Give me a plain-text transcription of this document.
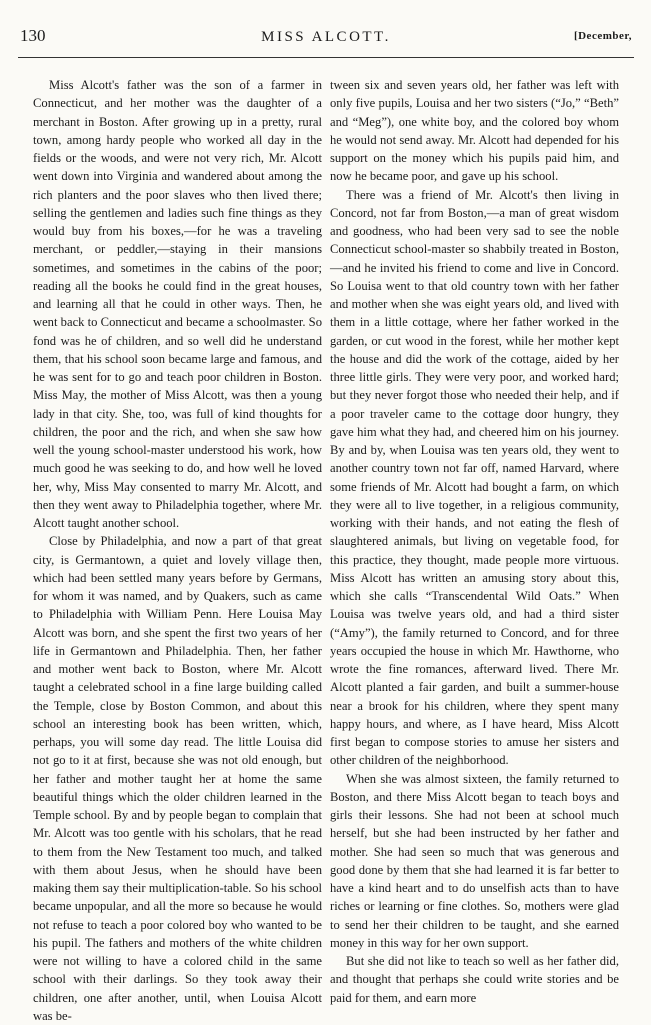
130	MISS ALCOTT.	[December,

Miss Alcott's father was the son of a farmer in Connecticut, and her mother was the daughter of a merchant in Boston. After growing up in a pretty, rural town, among hardy people who worked all day in the fields or the woods, and were not very rich, Mr. Alcott went down into Virginia and wandered about among the rich planters and the poor slaves who then lived there; selling the gentlemen and ladies such fine things as they would buy from his boxes,—for he was a traveling merchant, or peddler,—staying in their mansions sometimes, and sometimes in the cabins of the poor; reading all the books he could find in the great houses, and learning all that he could in other ways. Then, he went back to Connecticut and became a schoolmaster. So fond was he of children, and so well did he understand them, that his school soon became large and famous, and he was sent for to go and teach poor children in Boston. Miss May, the mother of Miss Alcott, was then a young lady in that city. She, too, was full of kind thoughts for children, the poor and the rich, and when she saw how well the young school-master understood his work, how much good he was seeking to do, and how well he loved her, why, Miss May consented to marry Mr. Alcott, and then they went away to Philadelphia together, where Mr. Alcott taught another school.

Close by Philadelphia, and now a part of that great city, is Germantown, a quiet and lovely village then, which had been settled many years before by Germans, for whom it was named, and by Quakers, such as came to Philadelphia with William Penn. Here Louisa May Alcott was born, and she spent the first two years of her life in Germantown and Philadelphia. Then, her father and mother went back to Boston, where Mr. Alcott taught a celebrated school in a fine large building called the Temple, close by Boston Common, and about this school an interesting book has been written, which, perhaps, you will some day read. The little Louisa did not go to it at first, because she was not old enough, but her father and mother taught her at home the same beautiful things which the older children learned in the Temple school. By and by people began to complain that Mr. Alcott was too gentle with his scholars, that he read to them from the New Testament too much, and talked with them about Jesus, when he should have been making them say their multiplication-table. So his school became unpopular, and all the more so because he would not refuse to teach a poor colored boy who wanted to be his pupil. The fathers and mothers of the white children were not willing to have a colored child in the same school with their darlings. So they took away their children, one after another, until, when Louisa Alcott was be-

tween six and seven years old, her father was left with only five pupils, Louisa and her two sisters (“Jo,” “Beth” and “Meg”), one white boy, and the colored boy whom he would not send away. Mr. Alcott had depended for his support on the money which his pupils paid him, and now he became poor, and gave up his school.

There was a friend of Mr. Alcott's then living in Concord, not far from Boston,—a man of great wisdom and goodness, who had been very sad to see the noble Connecticut school-master so shabbily treated in Boston,—and he invited his friend to come and live in Concord. So Louisa went to that old country town with her father and mother when she was eight years old, and lived with them in a little cottage, where her father worked in the garden, or cut wood in the forest, while her mother kept the house and did the work of the cottage, aided by her three little girls. They were very poor, and worked hard; but they never forgot those who needed their help, and if a poor traveler came to the cottage door hungry, they gave him what they had, and cheered him on his journey. By and by, when Louisa was ten years old, they went to another country town not far off, named Harvard, where some friends of Mr. Alcott had bought a farm, on which they were all to live together, in a religious community, working with their hands, and not eating the flesh of slaughtered animals, but living on vegetable food, for this practice, they thought, made people more virtuous. Miss Alcott has written an amusing story about this, which she calls “Transcendental Wild Oats.” When Louisa was twelve years old, and had a third sister (“Amy”), the family returned to Concord, and for three years occupied the house in which Mr. Hawthorne, who wrote the fine romances, afterward lived. There Mr. Alcott planted a fair garden, and built a summer-house near a brook for his children, where they spent many happy hours, and where, as I have heard, Miss Alcott first began to compose stories to amuse her sisters and other children of the neighborhood.

When she was almost sixteen, the family returned to Boston, and there Miss Alcott began to teach boys and girls their lessons. She had not been at school much herself, but she had been instructed by her father and mother. She had seen so much that was generous and good done by them that she had learned it is far better to have a kind heart and to do unselfish acts than to have riches or learning or fine clothes. So, mothers were glad to send her their children to be taught, and she earned money in this way for her own support.

But she did not like to teach so well as her father did, and thought that perhaps she could write stories and be paid for them, and earn more
